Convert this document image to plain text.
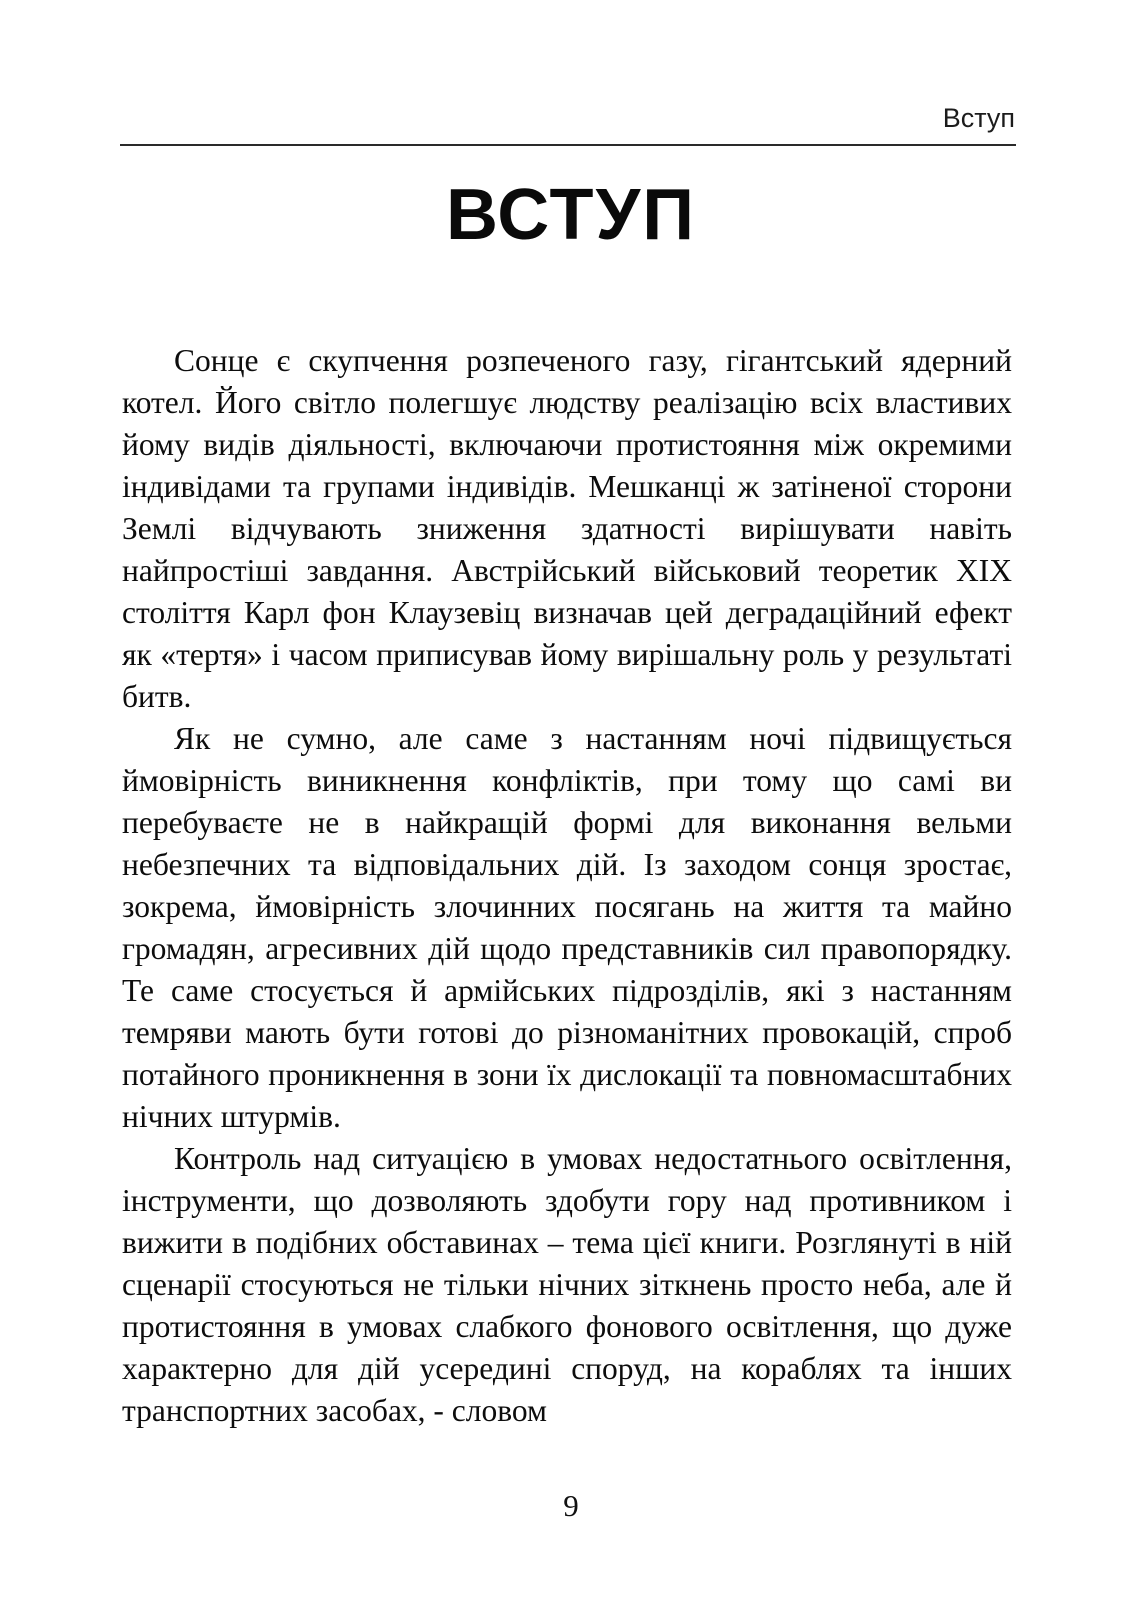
Вступ
ВСТУП

Сонце є скупчення розпеченого газу, гігантський ядерний котел. Його світло полегшує людству реалізацію всіх властивих йому видів діяльності, включаючи протистояння між окремими індивідами та групами індивідів. Мешканці ж затіненої сторони Землі відчувають зниження здатності вирішувати навіть найпростіші завдання. Австрійський військовий теоретик XIX століття Карл фон Клаузевіц визначав цей деградаційний ефект як «тертя» і часом приписував йому вирішальну роль у результаті битв.

Як не сумно, але саме з настанням ночі підвищується ймовірність виникнення конфліктів, при тому що самі ви перебуваєте не в найкращій формі для виконання вельми небезпечних та відповідальних дій. Із заходом сонця зростає, зокрема, ймовірність злочинних посягань на життя та майно громадян, агресивних дій щодо представників сил правопорядку. Те саме стосується й армійських підрозділів, які з настанням темряви мають бути готові до різноманітних провокацій, спроб потайного проникнення в зони їх дислокації та повномасштабних нічних штурмів.

Контроль над ситуацією в умовах недостатнього освітлення, інструменти, що дозволяють здобути гору над противником і вижити в подібних обставинах – тема цієї книги. Розглянуті в ній сценарії стосуються не тільки нічних зіткнень просто неба, але й протистояння в умовах слабкого фонового освітлення, що дуже характерно для дій усередині споруд, на кораблях та інших транспортних засобах, - словом

9
